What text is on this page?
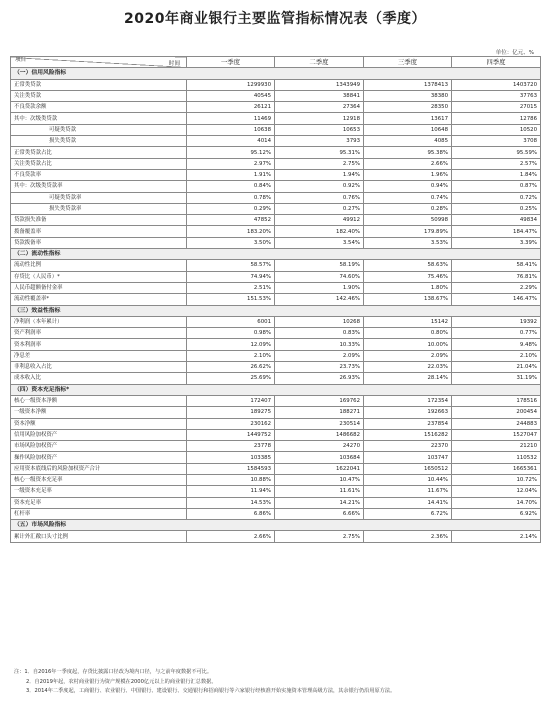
2020年商业银行主要监管指标情况表（季度）
单位：亿元、%
时间
项目	一季度	二季度	三季度	四季度
（一）信用风险指标				
正常类贷款	1299930	1343949	1378413	1403720
关注类贷款	40545	38841	38380	37763
不良贷款余额	26121	27364	28350	27015
其中：次级类贷款	11469	12918	13617	12786
可疑类贷款	10638	10653	10648	10520
损失类贷款	4014	3793	4085	3708
正常类贷款占比	95.12%	95.31%	95.38%	95.59%
关注类贷款占比	2.97%	2.75%	2.66%	2.57%
不良贷款率	1.91%	1.94%	1.96%	1.84%
其中：次级类贷款率	0.84%	0.92%	0.94%	0.87%
可疑类贷款率	0.78%	0.76%	0.74%	0.72%
损失类贷款率	0.29%	0.27%	0.28%	0.25%
贷款损失准备	47852	49912	50998	49834
拨备覆盖率	183.20%	182.40%	179.89%	184.47%
贷款拨备率	3.50%	3.54%	3.53%	3.39%
（二）流动性指标				
流动性比例	58.57%	58.19%	58.63%	58.41%
存贷比（人民币）*	74.94%	74.60%	75.46%	76.81%
人民币超额备付金率	2.51%	1.90%	1.80%	2.29%
流动性覆盖率*	151.53%	142.46%	138.67%	146.47%
（三）效益性指标				
净利润（本年累计）	6001	10268	15142	19392
资产利润率	0.98%	0.83%	0.80%	0.77%
资本利润率	12.09%	10.33%	10.00%	9.48%
净息差	2.10%	2.09%	2.09%	2.10%
非利息收入占比	26.62%	23.73%	22.03%	21.04%
成本收入比	25.69%	26.93%	28.14%	31.19%
（四）资本充足指标*				
核心一级资本净额	172407	169762	172354	178516
一级资本净额	189275	188271	192663	200454
资本净额	230162	230514	237854	244883
信用风险加权资产	1449752	1486682	1516282	1527047
市场风险加权资产	23778	24270	22370	21210
操作风险加权资产	103385	103684	103747	110532
应用资本底线后的风险加权资产合计	1584593	1622041	1650512	1665361
核心一级资本充足率	10.88%	10.47%	10.44%	10.72%
一级资本充足率	11.94%	11.61%	11.67%	12.04%
资本充足率	14.53%	14.21%	14.41%	14.70%
杠杆率	6.86%	6.66%	6.72%	6.92%
（五）市场风险指标				
累计外汇敞口头寸比例	2.66%	2.75%	2.36%	2.14%
注：1．自2016年一季度起，存贷比披露口径改为境内口径，与之前年度数据不可比。
2．自2019年起，农村商业银行为资产规模在2000亿元以上的商业银行汇总数据。
3．2014年二季度起，工商银行、农业银行、中国银行、建设银行、交通银行和招商银行等六家银行经核准开始实施资本管理高级方法，其余银行仍沿用原方法。
